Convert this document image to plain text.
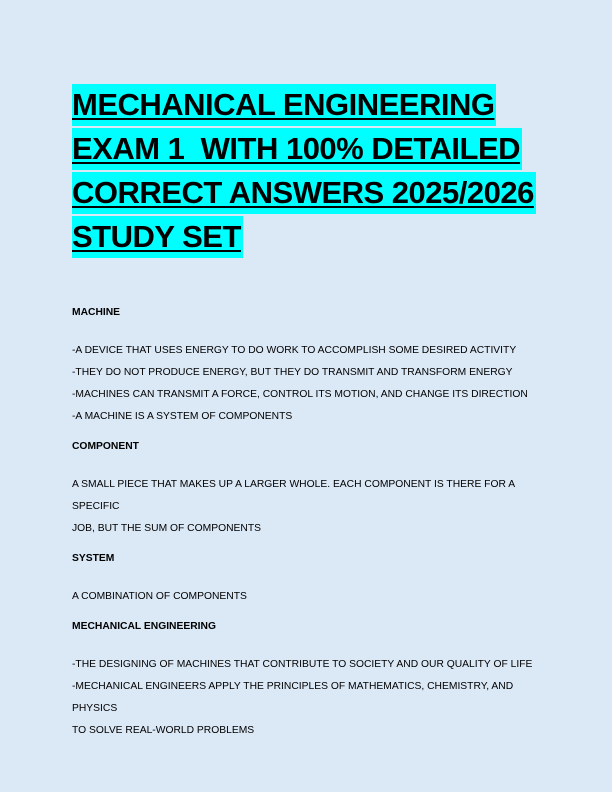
MECHANICAL ENGINEERING
EXAM 1  WITH 100% DETAILED
CORRECT ANSWERS 2025/2026
STUDY SET

MACHINE

-A DEVICE THAT USES ENERGY TO DO WORK TO ACCOMPLISH SOME DESIRED ACTIVITY

-THEY DO NOT PRODUCE ENERGY, BUT THEY DO TRANSMIT AND TRANSFORM ENERGY

-MACHINES CAN TRANSMIT A FORCE, CONTROL ITS MOTION, AND CHANGE ITS DIRECTION

-A MACHINE IS A SYSTEM OF COMPONENTS

COMPONENT

A SMALL PIECE THAT MAKES UP A LARGER WHOLE. EACH COMPONENT IS THERE FOR A SPECIFIC

JOB, BUT THE SUM OF COMPONENTS

SYSTEM

A COMBINATION OF COMPONENTS

MECHANICAL ENGINEERING

-THE DESIGNING OF MACHINES THAT CONTRIBUTE TO SOCIETY AND OUR QUALITY OF LIFE

-MECHANICAL ENGINEERS APPLY THE PRINCIPLES OF MATHEMATICS, CHEMISTRY, AND PHYSICS

TO SOLVE REAL-WORLD PROBLEMS
